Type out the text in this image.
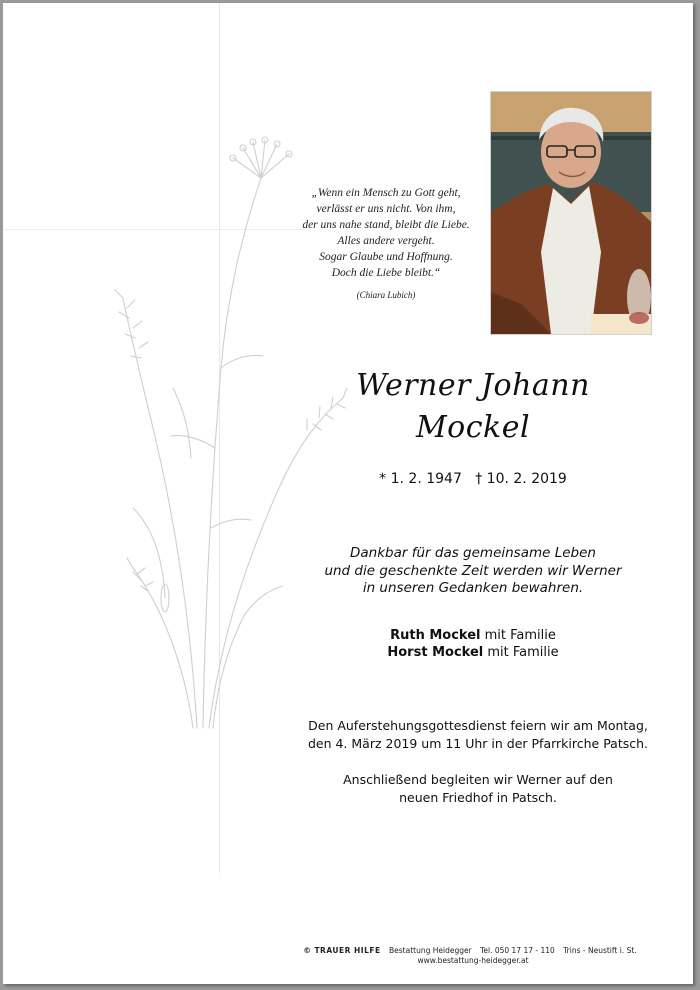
„Wenn ein Mensch zu Gott geht,
verlässt er uns nicht. Von ihm,
der uns nahe stand, bleibt die Liebe.
Alles andere vergeht.
Sogar Glaube und Hoffnung.
Doch die Liebe bleibt.“
(Chiara Lubich)
Werner Johann
Mockel
* 1. 2. 1947   † 10. 2. 2019
Dankbar für das gemeinsame Leben
und die geschenkte Zeit werden wir Werner
in unseren Gedanken bewahren.
Ruth Mockel mit Familie
Horst Mockel mit Familie

Den Auferstehungsgottesdienst feiern wir am Montag,
den 4. März 2019 um 11 Uhr in der Pfarrkirche Patsch.

Anschließend begleiten wir Werner auf den
neuen Friedhof in Patsch.

© TRAUER HILFE Bestattung Heidegger Tel. 050 17 17 - 110 Trins - Neustift i. St.
www.bestattung-heidegger.at
